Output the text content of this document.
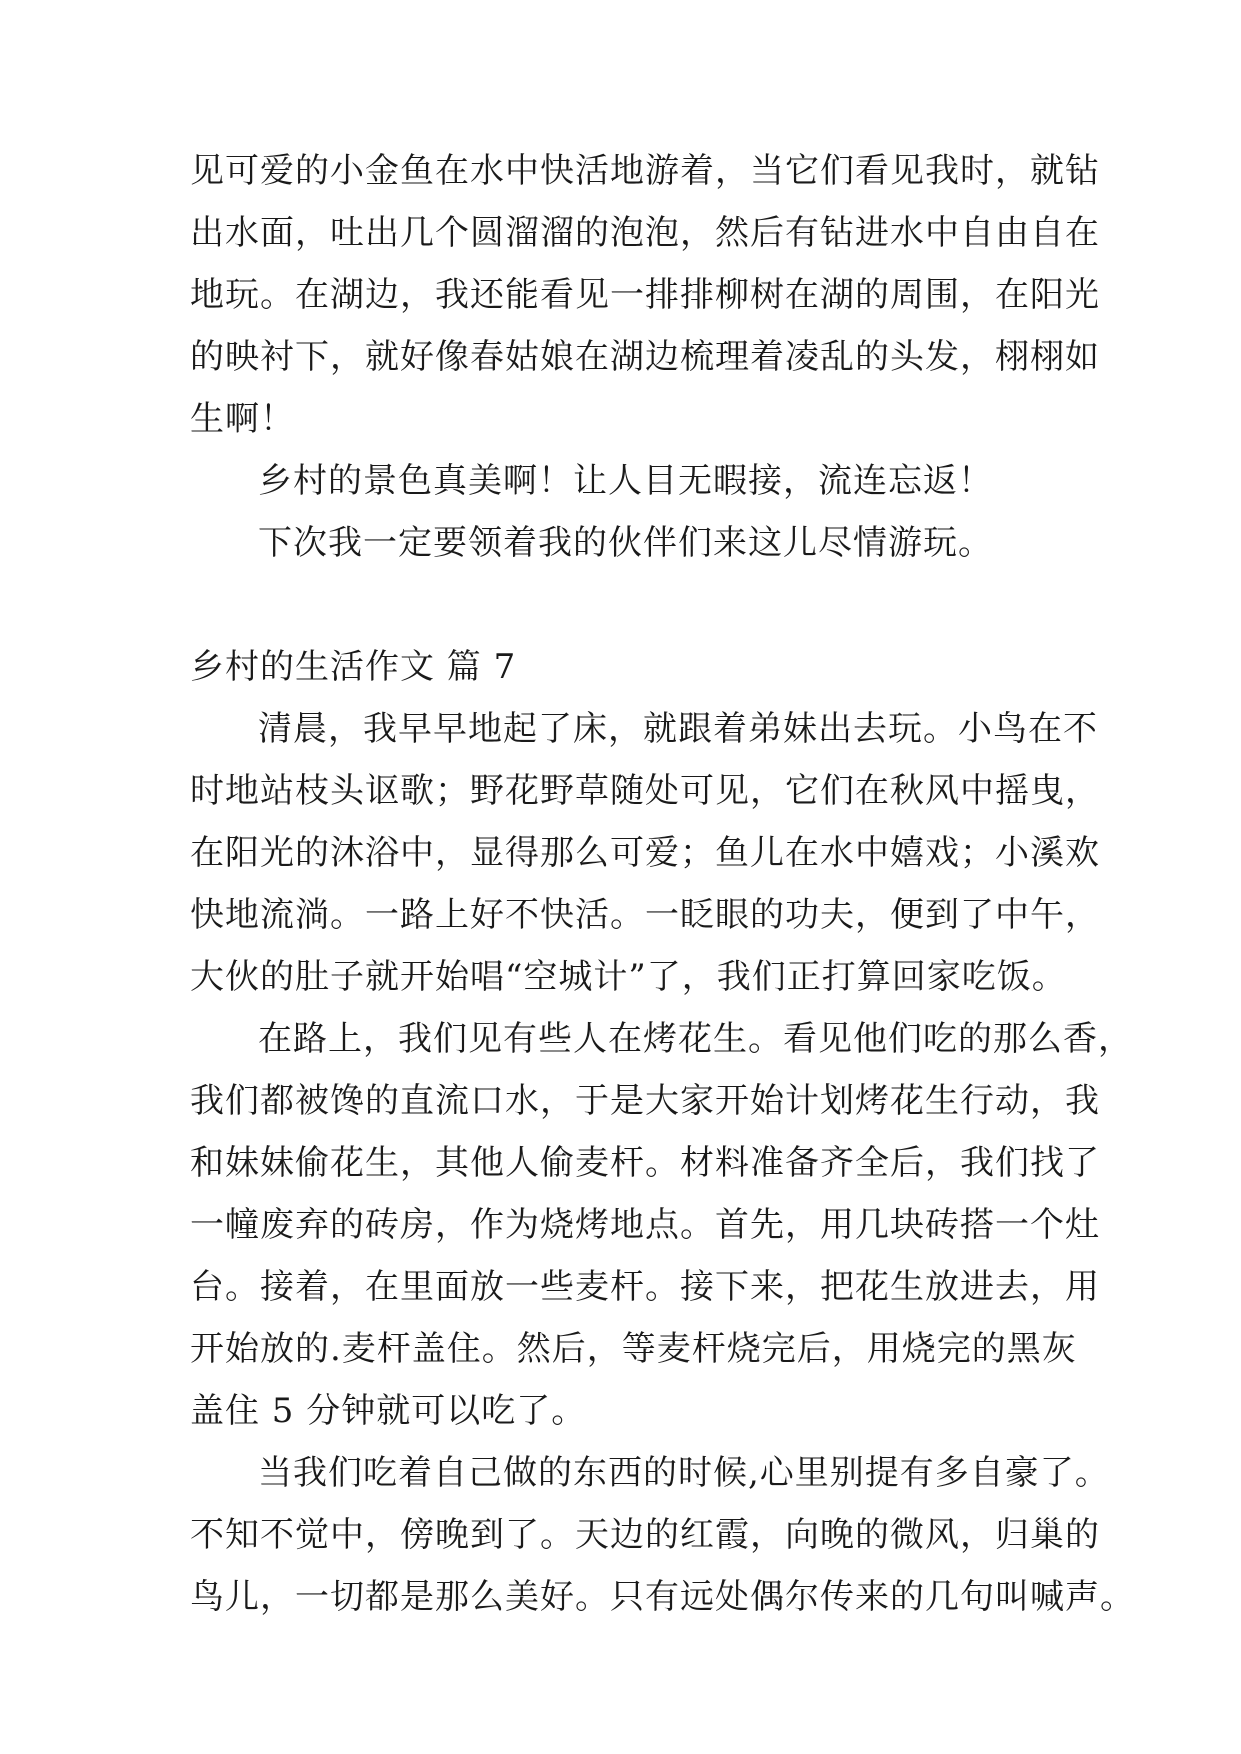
见可爱的小金鱼在水中快活地游着，当它们看见我时，就钻
出水面，吐出几个圆溜溜的泡泡，然后有钻进水中自由自在
地玩。在湖边，我还能看见一排排柳树在湖的周围，在阳光
的映衬下，就好像春姑娘在湖边梳理着凌乱的头发，栩栩如
生啊！
乡村的景色真美啊！让人目无暇接，流连忘返！
下次我一定要领着我的伙伴们来这儿尽情游玩。
乡村的生活作文 篇 7
清晨，我早早地起了床，就跟着弟妹出去玩。小鸟在不
时地站枝头讴歌；野花野草随处可见，它们在秋风中摇曳，
在阳光的沐浴中，显得那么可爱；鱼儿在水中嬉戏；小溪欢
快地流淌。一路上好不快活。一眨眼的功夫，便到了中午，
大伙的肚子就开始唱“空城计”了，我们正打算回家吃饭。
在路上，我们见有些人在烤花生。看见他们吃的那么香，
我们都被馋的直流口水，于是大家开始计划烤花生行动，我
和妹妹偷花生，其他人偷麦杆。材料准备齐全后，我们找了
一幢废弃的砖房，作为烧烤地点。首先，用几块砖搭一个灶
台。接着，在里面放一些麦杆。接下来，把花生放进去，用
开始放的.麦杆盖住。然后，等麦杆烧完后，用烧完的黑灰
盖住 5 分钟就可以吃了。
当我们吃着自己做的东西的时候,心里别提有多自豪了。
不知不觉中，傍晚到了。天边的红霞，向晚的微风，归巢的
鸟儿，一切都是那么美好。只有远处偶尔传来的几句叫喊声。
